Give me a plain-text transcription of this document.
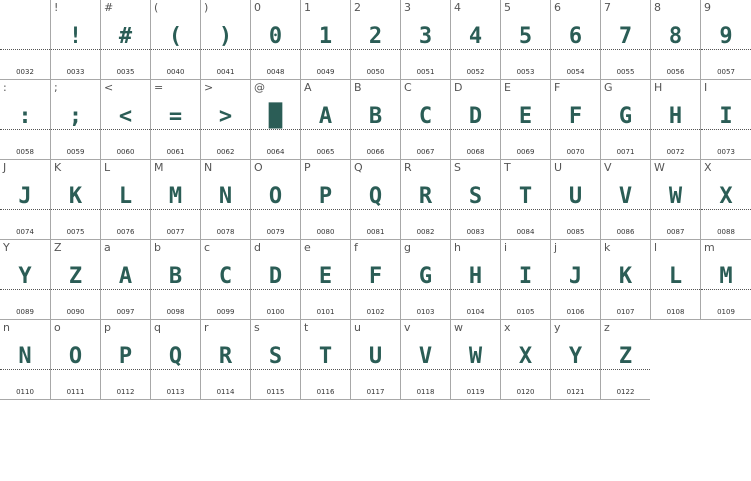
0032
!
!
0033
#
#
0035
(
(
0040
)
)
0041
0
0
0048
1
1
0049
2
2
0050
3
3
0051
4
4
0052
5
5
0053
6
6
0054
7
7
0055
8
8
0056
9
9
0057
:
:
0058
;
;
0059
<
<
0060
=
=
0061
>
>
0062
@
█
0064
A
A
0065
B
B
0066
C
C
0067
D
D
0068
E
E
0069
F
F
0070
G
G
0071
H
H
0072
I
I
0073
J
J
0074
K
K
0075
L
L
0076
M
M
0077
N
N
0078
O
O
0079
P
P
0080
Q
Q
0081
R
R
0082
S
S
0083
T
T
0084
U
U
0085
V
V
0086
W
W
0087
X
X
0088
Y
Y
0089
Z
Z
0090
a
A
0097
b
B
0098
c
C
0099
d
D
0100
e
E
0101
f
F
0102
g
G
0103
h
H
0104
i
I
0105
j
J
0106
k
K
0107
l
L
0108
m
M
0109
n
N
0110
o
O
0111
p
P
0112
q
Q
0113
r
R
0114
s
S
0115
t
T
0116
u
U
0117
v
V
0118
w
W
0119
x
X
0120
y
Y
0121
z
Z
0122
